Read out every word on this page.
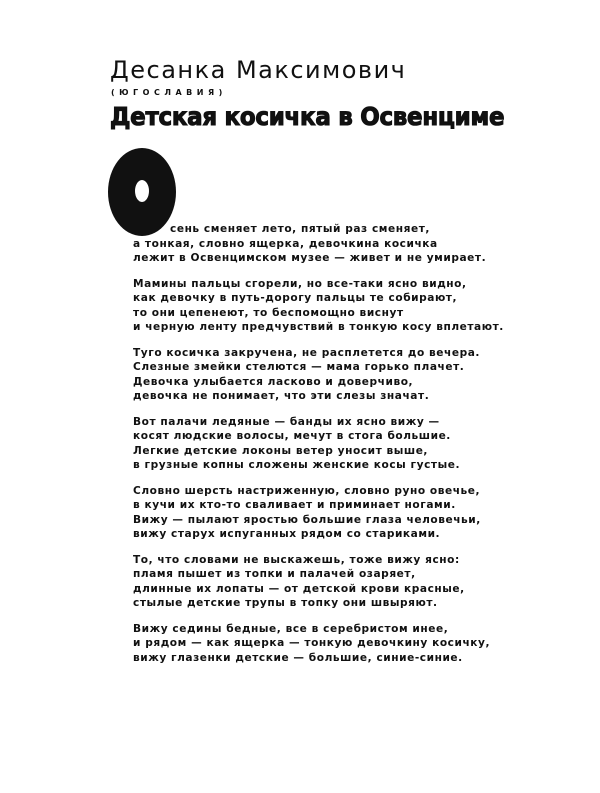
Десанка Максимович
(ЮГОСЛАВИЯ)
Детская косичка в Освенциме
сень сменяет лето, пятый раз сменяет,
а тонкая, словно ящерка, девочкина косичка
лежит в Освенцимском музее — живет и не умирает.
Мамины пальцы сгорели, но все-таки ясно видно,
как девочку в путь-дорогу пальцы те собирают,
то они цепенеют, то беспомощно виснут
и черную ленту предчувствий в тонкую косу вплетают.
Туго косичка закручена, не расплетется до вечера.
Слезные змейки стелются — мама горько плачет.
Девочка улыбается ласково и доверчиво,
девочка не понимает, что эти слезы значат.
Вот палачи ледяные — банды их ясно вижу —
косят людские волосы, мечут в стога большие.
Легкие детские локоны ветер уносит выше,
в грузные копны сложены женские косы густые.
Словно шерсть настриженную, словно руно овечье,
в кучи их кто-то сваливает и приминает ногами.
Вижу — пылают яростью большие глаза человечьи,
вижу старух испуганных рядом со стариками.
То, что словами не выскажешь, тоже вижу ясно:
пламя пышет из топки и палачей озаряет,
длинные их лопаты — от детской крови красные,
стылые детские трупы в топку они швыряют.
Вижу седины бедные, все в серебристом инее,
и рядом — как ящерка — тонкую девочкину косичку,
вижу глазенки детские — большие, синие-синие.
